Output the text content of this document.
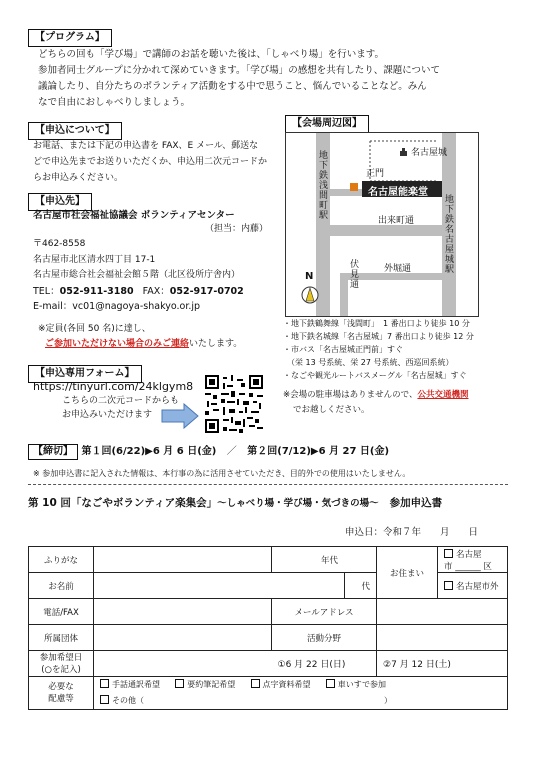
【プログラム】
どちらの回も「学び場」で講師のお話を聴いた後は、「しゃべり場」を行います。
参加者同士グループに分かれて深めていきます。「学び場」の感想を共有したり、課題について
議論したり、自分たちのボランティア活動をする中で思うこと、悩んでいることなど。みん
なで自由におしゃべりしましょう。
【申込について】
お電話、または下記の申込書を FAX、E メール、郵送な
どで申込先までお送りいただくか、申込用二次元コードか
らお申込みください。
【申込先】
名古屋市社会福祉協議会 ボランティアセンター
（担当：内藤）
〒462-8558
名古屋市北区清水四丁目 17-1
名古屋市総合社会福祉会館５階（北区役所庁舎内）
TEL：052-911-3180 FAX：052-917-0702
E-mail：vc01@nagoya-shakyo.or.jp
※定員(各回 50 名)に達し、
ご参加いただけない場合のみご連絡いたします。
【申込専用フォーム】
https://tinyurl.com/24klgym8
こちらの二次元コードからも
お申込みいただけます
【会場周辺図】
名古屋能楽堂
名古屋城
正門
地下鉄浅間町駅
地下鉄名古屋城駅
出来町通
外堀通
伏見通
N
・地下鉄鶴舞線「浅間町」　1 番出口より徒歩 10 分
・地下鉄名城線「名古屋城」7 番出口より徒歩 12 分
・市バス「名古屋城正門前」すぐ
　（栄 13 号系統、栄 27 号系統、西巡回系統）
・なごや観光ルートバスメーグル「名古屋城」すぐ
※会場の駐車場はありませんので、公共交通機関
でお越しください。
【締切】 第１回(6/22)▶6 月 6 日(金) ／ 第２回(7/12)▶6 月 27 日(金)
※ 参加申込書に記入された情報は、本行事の為に活用させていただき、目的外での使用はいたしません。
第 10 回「なごやボランティア楽集会」～しゃべり場・学び場・気づきの場～ 参加申込書
申込日：令和７年　　月　　日
ふりがな		年代		お住まい	名古屋市 ______ 区
お名前			代		名古屋市外
電話/FAX		メールアドレス			
所属団体		活動分野			
参加希望日
(○を記入)		①6 月 22 日(日)		②7 月 12 日(土)	
必要な
配慮等	手話通訳希望 要約筆記希望 点字資料希望 車いすで参加
その他（ ）				
